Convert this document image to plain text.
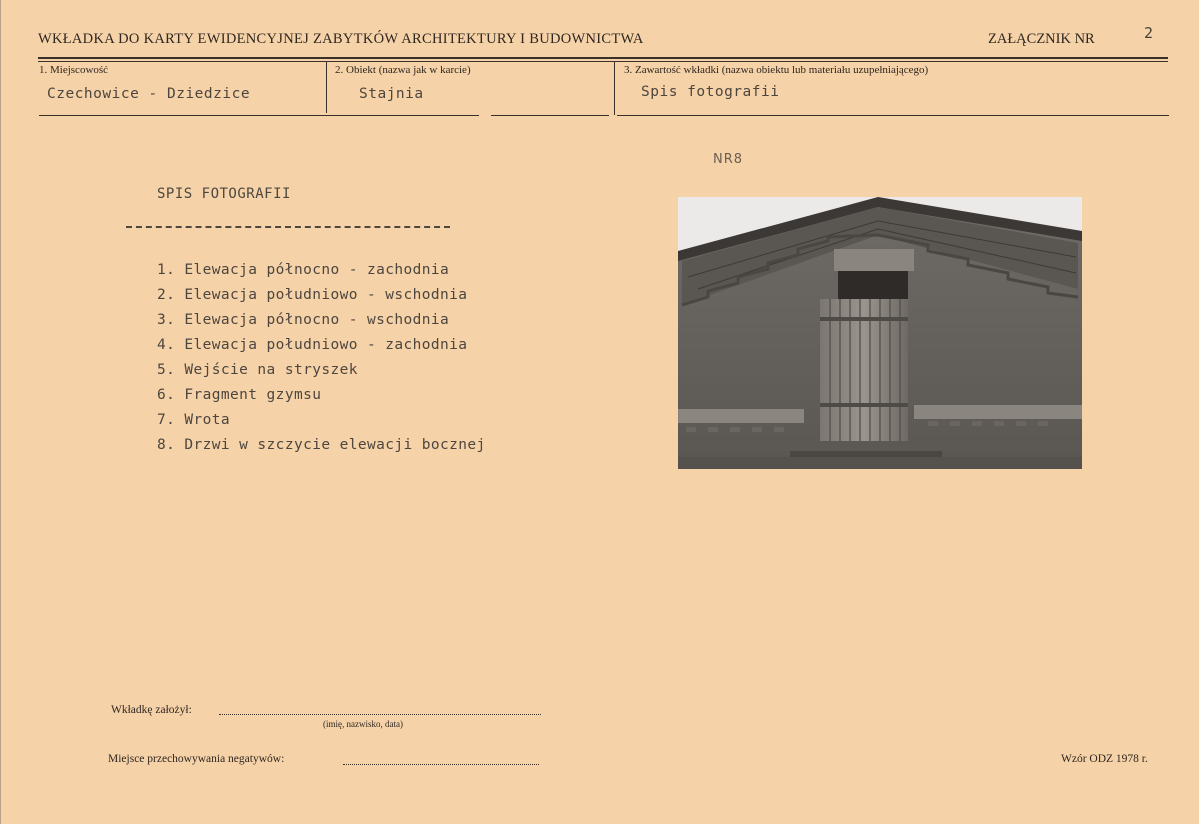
WKŁADKA DO KARTY EWIDENCYJNEJ ZABYTKÓW ARCHITEKTURY I BUDOWNICTWA	ZAŁĄCZNIK NR	2
1. Miejscowość
Czechowice - Dziedzice
2. Obiekt (nazwa jak w karcie)
Stajnia
3. Zawartość wkładki (nazwa obiektu lub materiału uzupełniającego)
Spis fotografii
SPIS FOTOGRAFII
1. Elewacja północno - zachodnia
2. Elewacja południowo - wschodnia
3. Elewacja północno - wschodnia
4. Elewacja południowo - zachodnia
5. Wejście na stryszek
6. Fragment gzymsu
7. Wrota
8. Drzwi w szczycie elewacji bocznej
NR8
Wkładkę założył:
(imię, nazwisko, data)
Miejsce przechowywania negatywów:	Wzór ODZ 1978 r.
